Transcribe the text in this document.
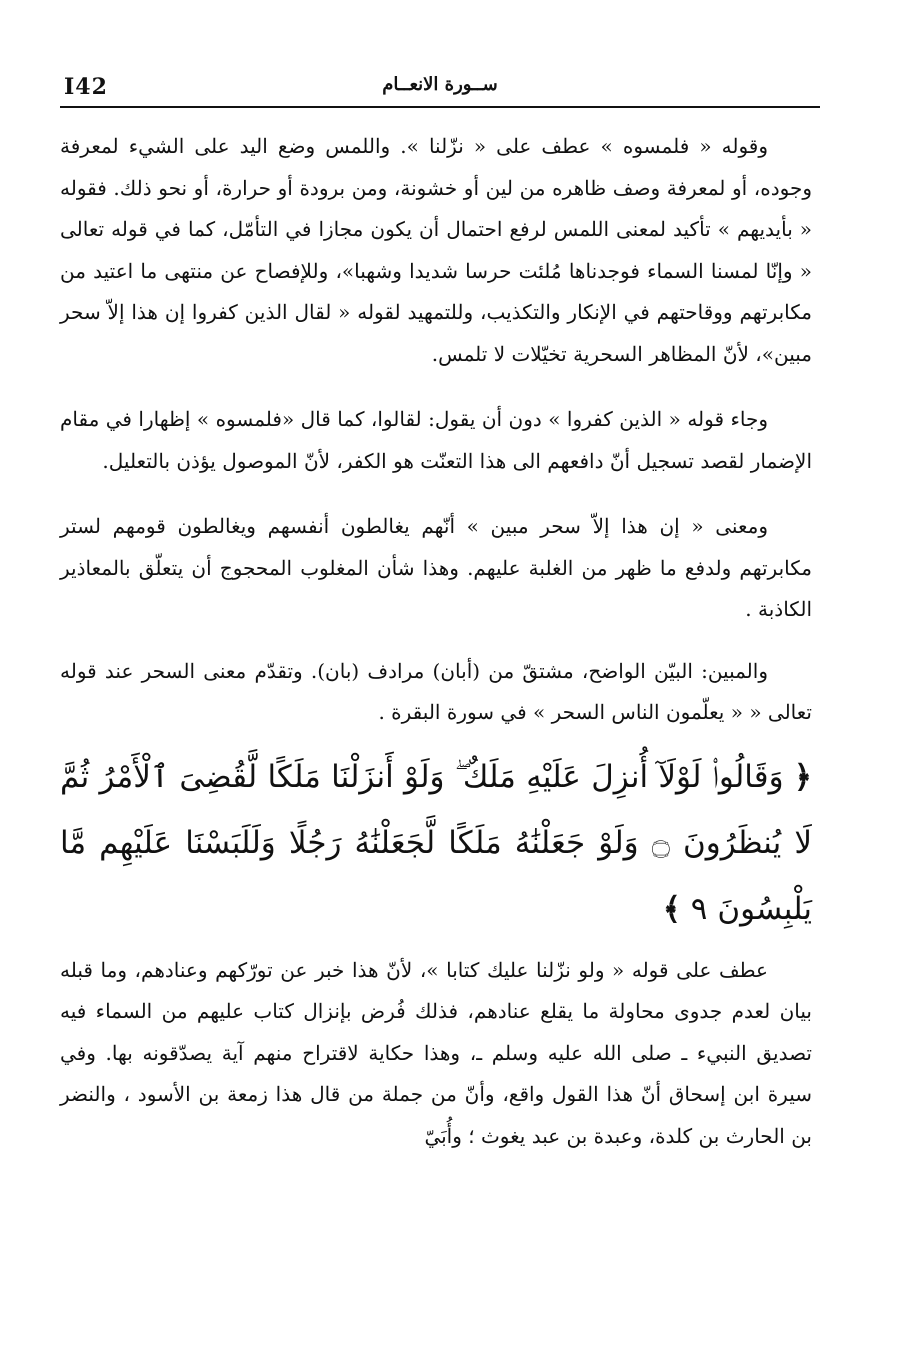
I42	ســورة الانعــام

وقوله « فلمسوه » عطف على « نزّلنا ». واللمس وضع اليد على الشيء لمعرفة وجوده، أو لمعرفة وصف ظاهره من لين أو خشونة، ومن برودة أو حرارة، أو نحو ذلك. فقوله « بأيديهم » تأكيد لمعنى اللمس لرفع احتمال أن يكون مجازا في التأمّل، كما في قوله تعالى « وإنّا لمسنا السماء فوجدناها مُلئت حرسا شديدا وشهبا»، وللإفصاح عن منتهى ما اعتيد من مكابرتهم ووقاحتهم في الإنكار والتكذيب، وللتمهيد لقوله « لقال الذين كفروا إن هذا إلاّ سحر مبين»، لأنّ المظاهر السحرية تخيّلات لا تلمس.

وجاء قوله « الذين كفروا » دون أن يقول: لقالوا، كما قال «فلمسوه » إظهارا في مقام الإضمار لقصد تسجيل أنّ دافعهم الى هذا التعنّت هو الكفر، لأنّ الموصول يؤذن بالتعليل.

ومعنى « إن هذا إلاّ سحر مبين » أنّهم يغالطون أنفسهم ويغالطون قومهم لستر مكابرتهم ولدفع ما ظهر من الغلبة عليهم. وهذا شأن المغلوب المحجوج أن يتعلّق بالمعاذير الكاذبة .

والمبين: البيّن الواضح، مشتقّ من (أبان) مرادف (بان). وتقدّم معنى السحر عند قوله تعالى « « يعلّمون الناس السحر » في سورة البقرة .

﴿ وَقَالُوا۟ لَوْلَآ أُنزِلَ عَلَيْهِ مَلَكٌ ۖ وَلَوْ أَنزَلْنَا مَلَكًا لَّقُضِىَ ٱلْأَمْرُ ثُمَّ لَا يُنظَرُونَ ۝ وَلَوْ جَعَلْنَٰهُ مَلَكًا لَّجَعَلْنَٰهُ رَجُلًا وَلَلَبَسْنَا عَلَيْهِم مَّا يَلْبِسُونَ ٩ ﴾

عطف على قوله « ولو نزّلنا عليك كتابا »، لأنّ هذا خبر عن تورّكهم وعنادهم، وما قبله بيان لعدم جدوى محاولة ما يقلع عنادهم، فذلك فُرض بإنزال كتاب عليهم من السماء فيه تصديق النبيء ـ صلى الله عليه وسلم ـ، وهذا حكاية لاقتراح منهم آية يصدّقونه بها. وفي سيرة ابن إسحاق أنّ هذا القول واقع، وأنّ من جملة من قال هذا زمعة بن الأسود ، والنضر بن الحارث بن كلدة، وعبدة بن عبد يغوث ؛ وأُبَيّ
